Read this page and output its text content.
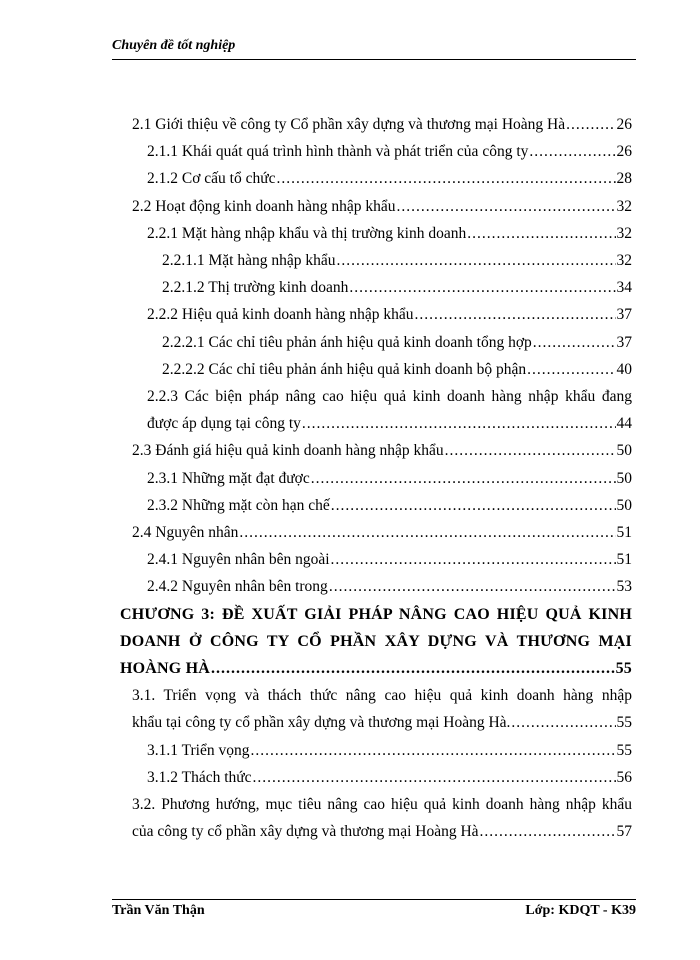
Chuyên đề tốt nghiệp
2.1 Giới thiệu về công ty Cổ phần xây dựng và thương mại Hoàng Hà .....	26
2.1.1 Khái quát quá trình hình thành và phát triển của công ty .....	26
2.1.2 Cơ cấu tổ chức .....	28
2.2 Hoạt động kinh doanh hàng nhập khẩu .....	32
2.2.1 Mặt hàng nhập khẩu và thị trường kinh doanh .....	32
2.2.1.1 Mặt hàng nhập khẩu .....	32
2.2.1.2 Thị trường kinh doanh .....	34
2.2.2 Hiệu quả kinh doanh hàng nhập khẩu .....	37
2.2.2.1 Các chỉ tiêu phản ánh hiệu quả kinh doanh tổng hợp .....	37
2.2.2.2 Các chỉ tiêu phản ánh hiệu quả kinh doanh bộ phận .....	40
2.2.3 Các biện pháp nâng cao hiệu quả kinh doanh hàng nhập khẩu đang
được áp dụng tại công ty .....	44
2.3 Đánh giá hiệu quả kinh doanh hàng nhập khẩu .....	50
2.3.1 Những mặt đạt được .....	50
2.3.2 Những mặt còn hạn chế .....	50
2.4 Nguyên nhân .....	51
2.4.1 Nguyên nhân bên ngoài .....	51
2.4.2 Nguyên nhân bên trong .....	53
CHƯƠNG 3: ĐỀ XUẤT GIẢI PHÁP NÂNG CAO HIỆU QUẢ KINH
DOANH Ở CÔNG TY CỔ PHẦN XÂY DỰNG VÀ THƯƠNG MẠI
HOÀNG HÀ .....	55
3.1. Triển vọng và thách thức nâng cao hiệu quả kinh doanh hàng nhập
khẩu tại công ty cổ phần xây dựng và thương mại Hoàng Hà. .....	55
3.1.1 Triển vọng .....	55
3.1.2 Thách thức .....	56
3.2. Phương hướng, mục tiêu nâng cao hiệu quả kinh doanh hàng nhập khẩu
của công ty cổ phần xây dựng và thương mại Hoàng Hà .....	57
Trần Văn Thận	Lớp: KDQT - K39
